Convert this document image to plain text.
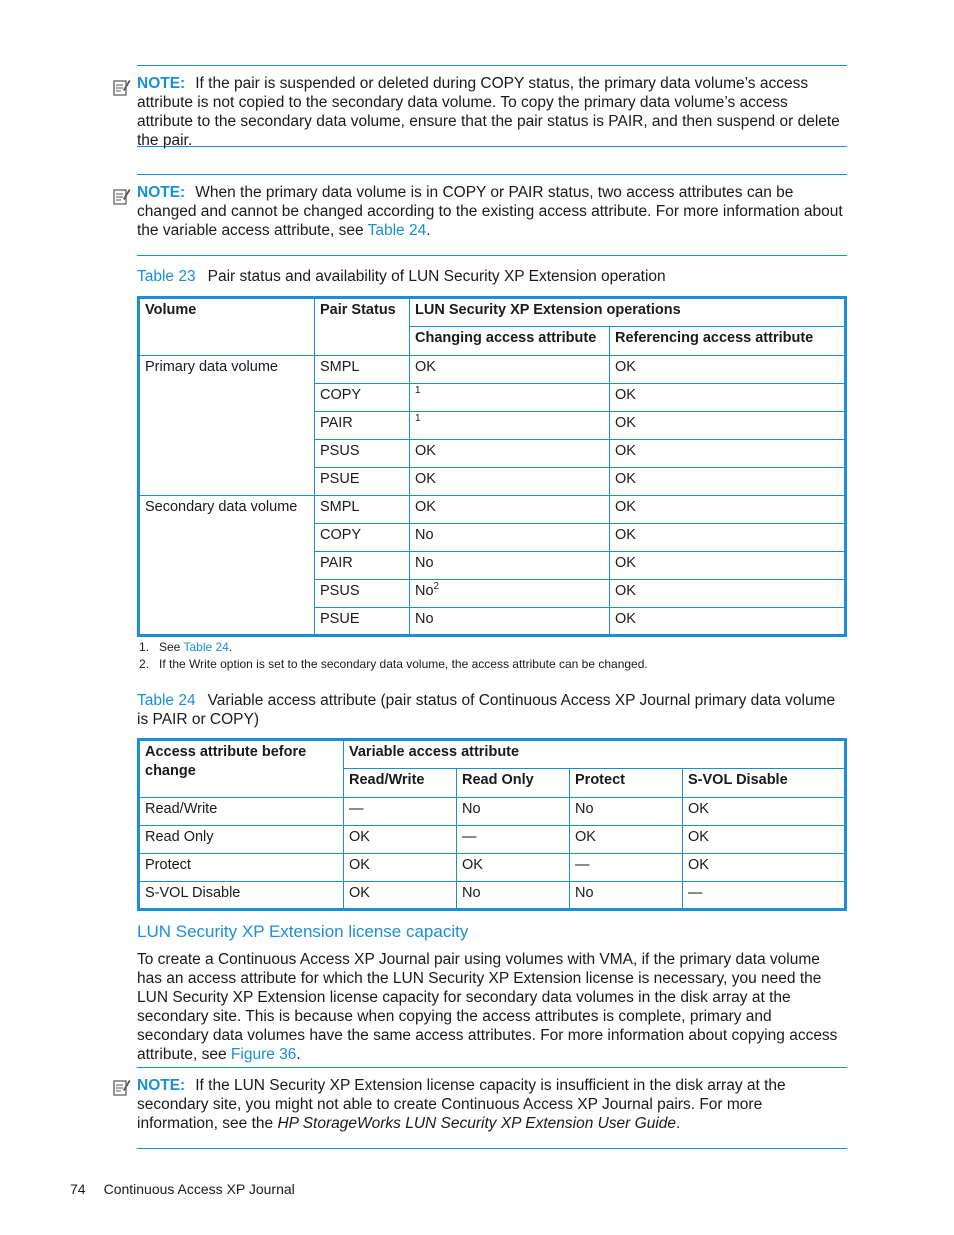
NOTE: If the pair is suspended or deleted during COPY status, the primary data volume’s access attribute is not copied to the secondary data volume. To copy the primary data volume’s access attribute to the secondary data volume, ensure that the pair status is PAIR, and then suspend or delete the pair.

NOTE: When the primary data volume is in COPY or PAIR status, two access attributes can be changed and cannot be changed according to the existing access attribute. For more information about the variable access attribute, see Table 24.

Table 23 Pair status and availability of LUN Security XP Extension operation
Volume	Pair Status	LUN Security XP Extension operations	
		Changing access attribute	Referencing access attribute
Primary data volume	SMPL	OK	OK
	COPY	$^1$	OK
	PAIR	$^1$	OK
	PSUS	OK	OK
	PSUE	OK	OK
Secondary data volume	SMPL	OK	OK
	COPY	No	OK
	PAIR	No	OK
	PSUS	No$^2$	OK
	PSUE	No	OK
1. See Table 24.
2. If the Write option is set to the secondary data volume, the access attribute can be changed.
Table 24 Variable access attribute (pair status of Continuous Access XP Journal primary data volume is PAIR or COPY)
Access attribute before change	Variable access attribute			
	Read/Write	Read Only	Protect	S-VOL Disable
Read/Write	—	No	No	OK
Read Only	OK	—	OK	OK
Protect	OK	OK	—	OK
S-VOL Disable	OK	No	No	—
LUN Security XP Extension license capacity

To create a Continuous Access XP Journal pair using volumes with VMA, if the primary data volume has an access attribute for which the LUN Security XP Extension license is necessary, you need the LUN Security XP Extension license capacity for secondary data volumes in the disk array at the secondary site. This is because when copying the access attributes is complete, primary and secondary data volumes have the same access attributes. For more information about copying access attribute, see Figure 36.

NOTE: If the LUN Security XP Extension license capacity is insufficient in the disk array at the secondary site, you might not able to create Continuous Access XP Journal pairs. For more information, see the HP StorageWorks LUN Security XP Extension User Guide.

74 Continuous Access XP Journal
